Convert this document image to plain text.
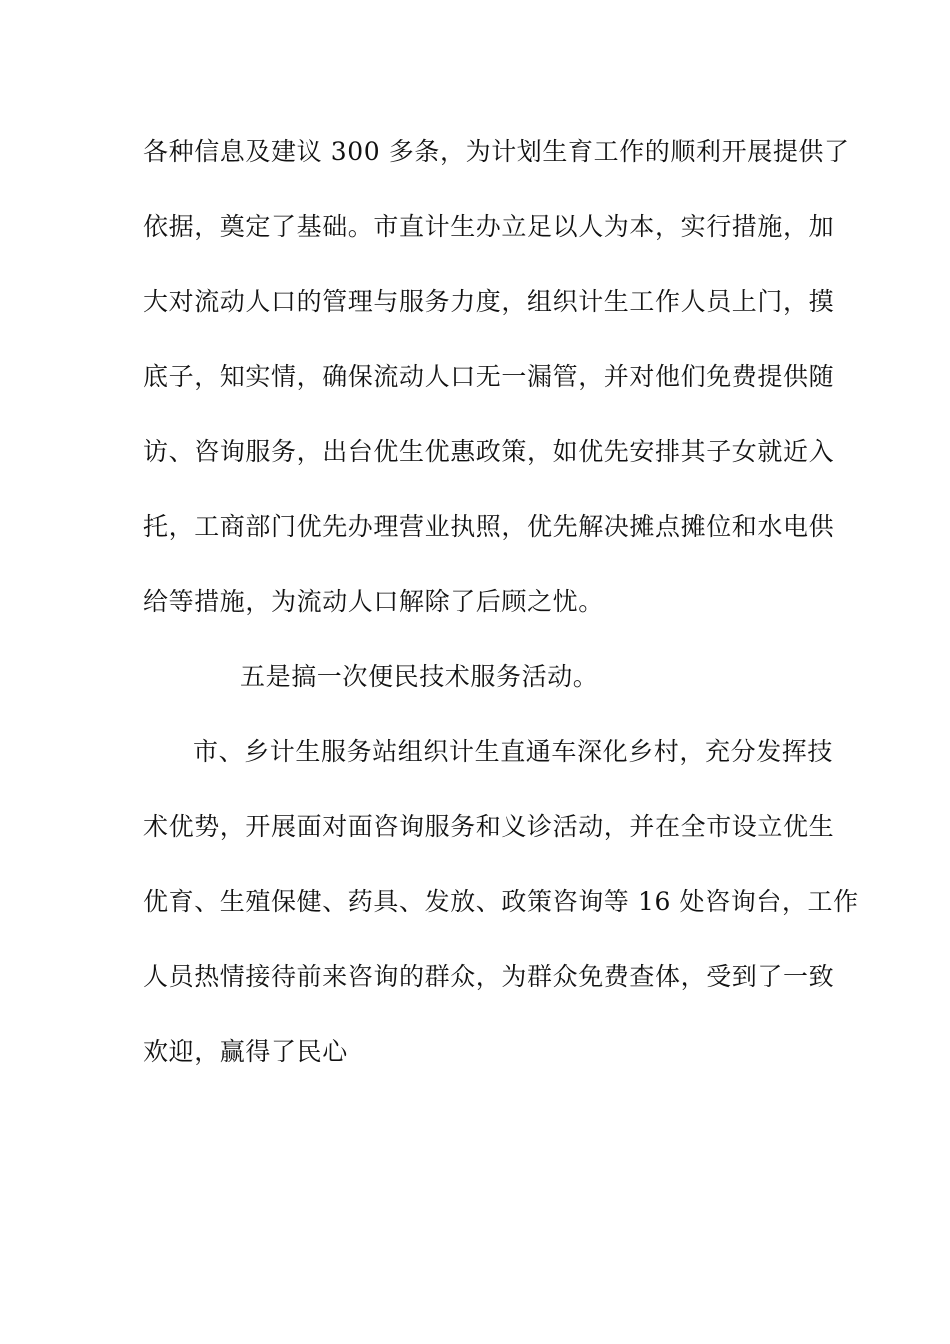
各种信息及建议 300 多条，为计划生育工作的顺利开展提供了
依据，奠定了基础。市直计生办立足以人为本，实行措施，加
大对流动人口的管理与服务力度，组织计生工作人员上门，摸
底子，知实情，确保流动人口无一漏管，并对他们免费提供随
访、咨询服务，出台优生优惠政策，如优先安排其子女就近入
托，工商部门优先办理营业执照，优先解决摊点摊位和水电供
给等措施，为流动人口解除了后顾之忧。
五是搞一次便民技术服务活动。
市、乡计生服务站组织计生直通车深化乡村，充分发挥技
术优势，开展面对面咨询服务和义诊活动，并在全市设立优生
优育、生殖保健、药具、发放、政策咨询等 16 处咨询台，工作
人员热情接待前来咨询的群众，为群众免费查体，受到了一致
欢迎，赢得了民心
